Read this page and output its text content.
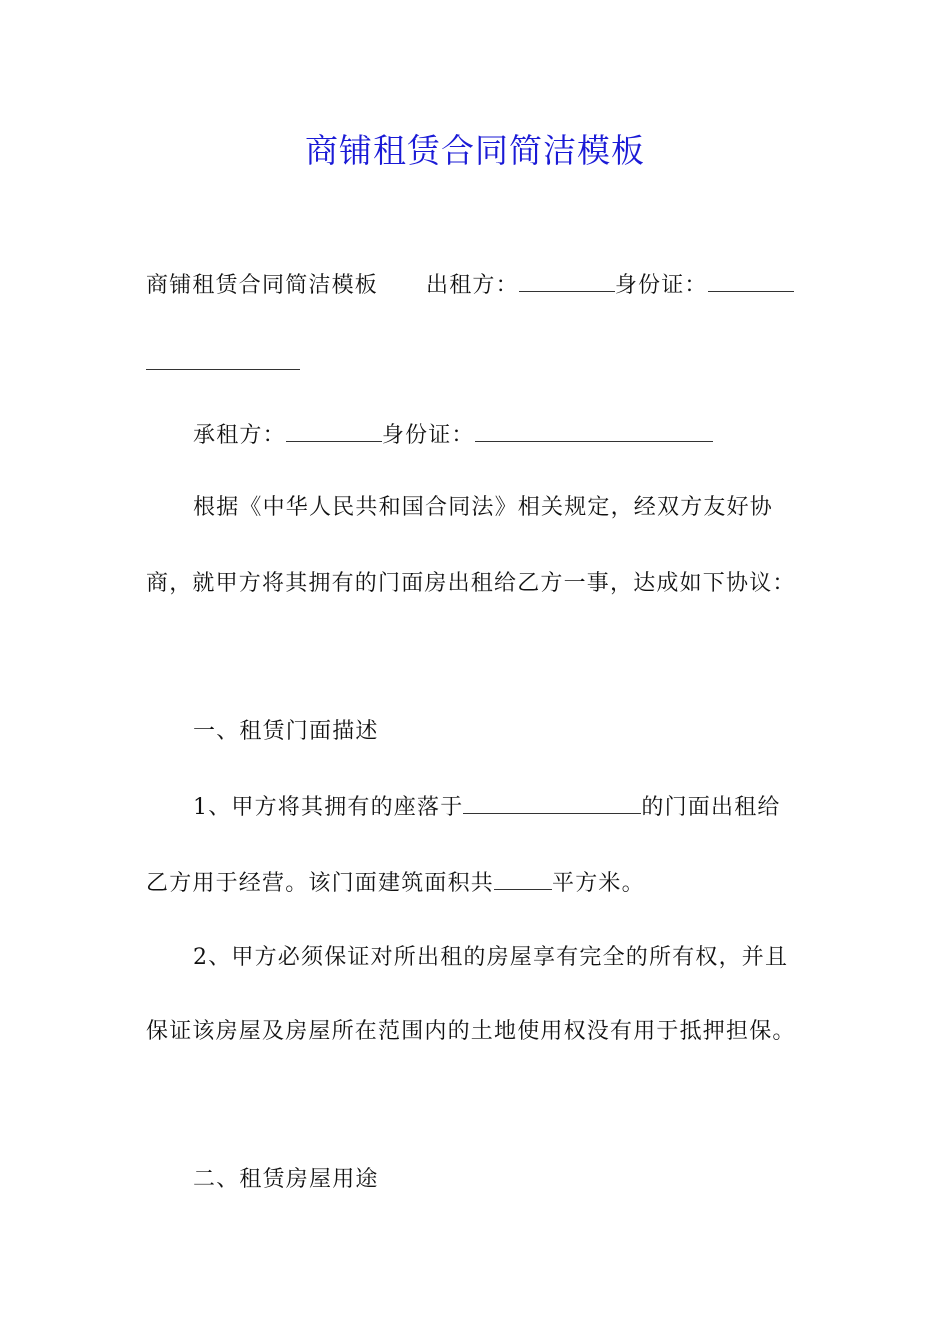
商铺租赁合同简洁模板
商铺租赁合同简洁模板 出租方：	身份证：
承租方：	身份证：
根据《中华人民共和国合同法》相关规定，经双方友好协
商，就甲方将其拥有的门面房出租给乙方一事，达成如下协议：
一、租赁门面描述
1、甲方将其拥有的座落于	的门面出租给
乙方用于经营。该门面建筑面积共	平方米。
2、甲方必须保证对所出租的房屋享有完全的所有权，并且
保证该房屋及房屋所在范围内的土地使用权没有用于抵押担保。
二、租赁房屋用途
